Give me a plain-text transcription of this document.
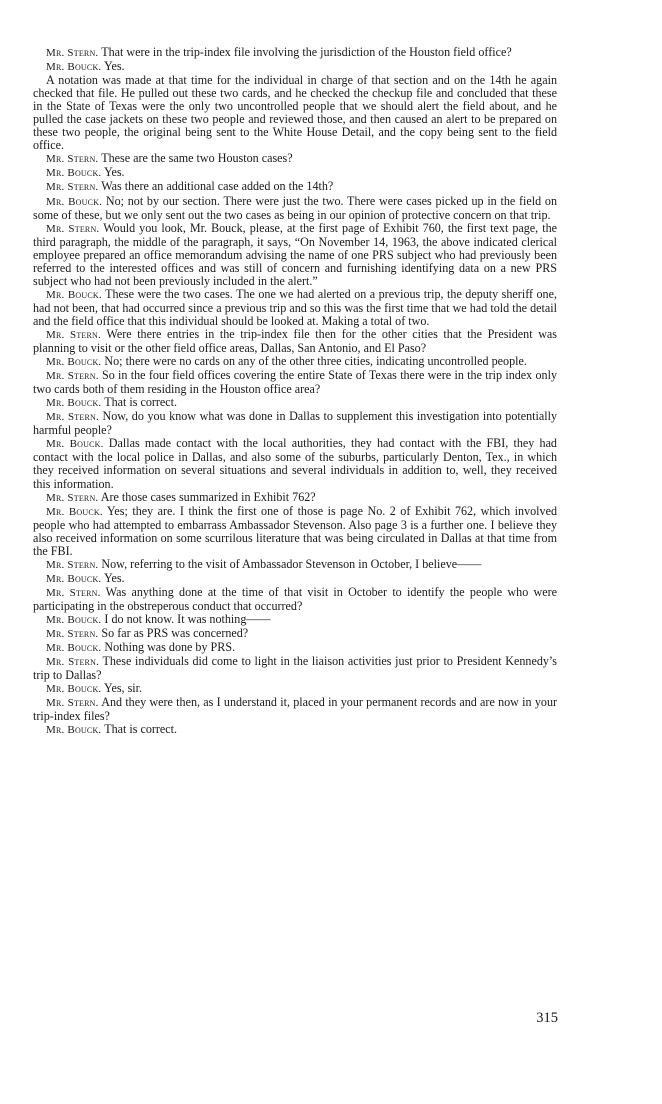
Mr. Stern. That were in the trip-index file involving the jurisdiction of the Houston field office?

Mr. Bouck. Yes.

A notation was made at that time for the individual in charge of that section and on the 14th he again checked that file. He pulled out these two cards, and he checked the checkup file and concluded that these in the State of Texas were the only two uncontrolled people that we should alert the field about, and he pulled the case jackets on these two people and reviewed those, and then caused an alert to be prepared on these two people, the original being sent to the White House Detail, and the copy being sent to the field office.

Mr. Stern. These are the same two Houston cases?

Mr. Bouck. Yes.

Mr. Stern. Was there an additional case added on the 14th?

Mr. Bouck. No; not by our section. There were just the two. There were cases picked up in the field on some of these, but we only sent out the two cases as being in our opinion of protective concern on that trip.

Mr. Stern. Would you look, Mr. Bouck, please, at the first page of Exhibit 760, the first text page, the third paragraph, the middle of the paragraph, it says, “On November 14, 1963, the above indicated clerical employee prepared an office memorandum advising the name of one PRS subject who had previously been referred to the interested offices and was still of concern and furnishing identifying data on a new PRS subject who had not been previously included in the alert.”

Mr. Bouck. These were the two cases. The one we had alerted on a previous trip, the deputy sheriff one, had not been, that had occurred since a previous trip and so this was the first time that we had told the detail and the field office that this individual should be looked at. Making a total of two.

Mr. Stern. Were there entries in the trip-index file then for the other cities that the President was planning to visit or the other field office areas, Dallas, San Antonio, and El Paso?

Mr. Bouck. No; there were no cards on any of the other three cities, indicating uncontrolled people.

Mr. Stern. So in the four field offices covering the entire State of Texas there were in the trip index only two cards both of them residing in the Houston office area?

Mr. Bouck. That is correct.

Mr. Stern. Now, do you know what was done in Dallas to supplement this investigation into potentially harmful people?

Mr. Bouck. Dallas made contact with the local authorities, they had contact with the FBI, they had contact with the local police in Dallas, and also some of the suburbs, particularly Denton, Tex., in which they received information on several situations and several individuals in addition to, well, they received this information.

Mr. Stern. Are those cases summarized in Exhibit 762?

Mr. Bouck. Yes; they are. I think the first one of those is page No. 2 of Exhibit 762, which involved people who had attempted to embarrass Ambassador Stevenson. Also page 3 is a further one. I believe they also received information on some scurrilous literature that was being circulated in Dallas at that time from the FBI.

Mr. Stern. Now, referring to the visit of Ambassador Stevenson in October, I believe——

Mr. Bouck. Yes.

Mr. Stern. Was anything done at the time of that visit in October to identify the people who were participating in the obstreperous conduct that occurred?

Mr. Bouck. I do not know. It was nothing——

Mr. Stern. So far as PRS was concerned?

Mr. Bouck. Nothing was done by PRS.

Mr. Stern. These individuals did come to light in the liaison activities just prior to President Kennedy’s trip to Dallas?

Mr. Bouck. Yes, sir.

Mr. Stern. And they were then, as I understand it, placed in your permanent records and are now in your trip-index files?

Mr. Bouck. That is correct.

315
